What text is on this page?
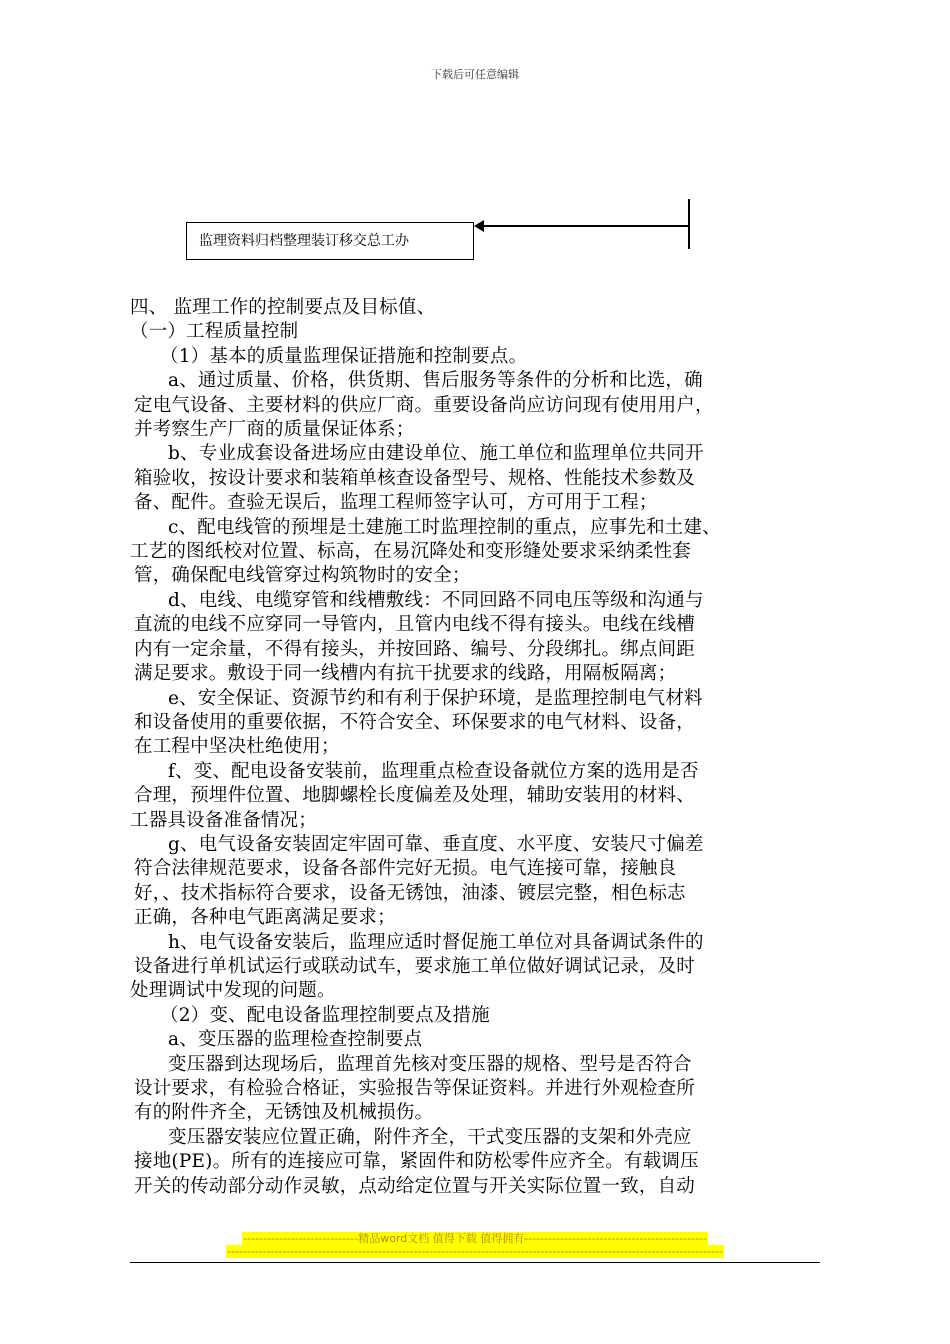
下载后可任意编辑
监理资料归档整理装订移交总工办

四、 监理工作的控制要点及目标值、

（一）工程质量控制

（1）基本的质量监理保证措施和控制要点。

a、通过质量、价格，供货期、售后服务等条件的分析和比选，确

定电气设备、主要材料的供应厂商。重要设备尚应访问现有使用用户，

并考察生产厂商的质量保证体系；

b、专业成套设备进场应由建设单位、施工单位和监理单位共同开

箱验收，按设计要求和装箱单核查设备型号、规格、性能技术参数及

备、配件。查验无误后，监理工程师签字认可，方可用于工程；

c、配电线管的预埋是土建施工时监理控制的重点，应事先和土建、

工艺的图纸校对位置、标高，在易沉降处和变形缝处要求采纳柔性套

管，确保配电线管穿过构筑物时的安全；

d、电线、电缆穿管和线槽敷线：不同回路不同电压等级和沟通与

直流的电线不应穿同一导管内，且管内电线不得有接头。电线在线槽

内有一定余量，不得有接头，并按回路、编号、分段绑扎。绑点间距

满足要求。敷设于同一线槽内有抗干扰要求的线路，用隔板隔离；

e、安全保证、资源节约和有利于保护环境，是监理控制电气材料

和设备使用的重要依据，不符合安全、环保要求的电气材料、设备，

在工程中坚决杜绝使用；

f、变、配电设备安装前，监理重点检查设备就位方案的选用是否

合理，预埋件位置、地脚螺栓长度偏差及处理，辅助安装用的材料、

工器具设备准备情况；

g、电气设备安装固定牢固可靠、垂直度、水平度、安装尺寸偏差

符合法律规范要求，设备各部件完好无损。电气连接可靠，接触良

好，、技术指标符合要求，设备无锈蚀，油漆、镀层完整，相色标志

正确，各种电气距离满足要求；

h、电气设备安装后，监理应适时督促施工单位对具备调试条件的

设备进行单机试运行或联动试车，要求施工单位做好调试记录，及时

处理调试中发现的问题。

（2）变、配电设备监理控制要点及措施

a、变压器的监理检查控制要点

变压器到达现场后，监理首先核对变压器的规格、型号是否符合

设计要求，有检验合格证，实验报告等保证资料。并进行外观检查所

有的附件齐全，无锈蚀及机械损伤。

变压器安装应位置正确，附件齐全，干式变压器的支架和外壳应

接地(PE)。所有的连接应可靠，紧固件和防松零件应齐全。有载调压

开关的传动部分动作灵敏，点动给定位置与开关实际位置一致，自动

-----------------------------精品word文档 值得下载 值得拥有----------------------------------------------
-----------------------------------------------------------------------------------------------------------------------------
